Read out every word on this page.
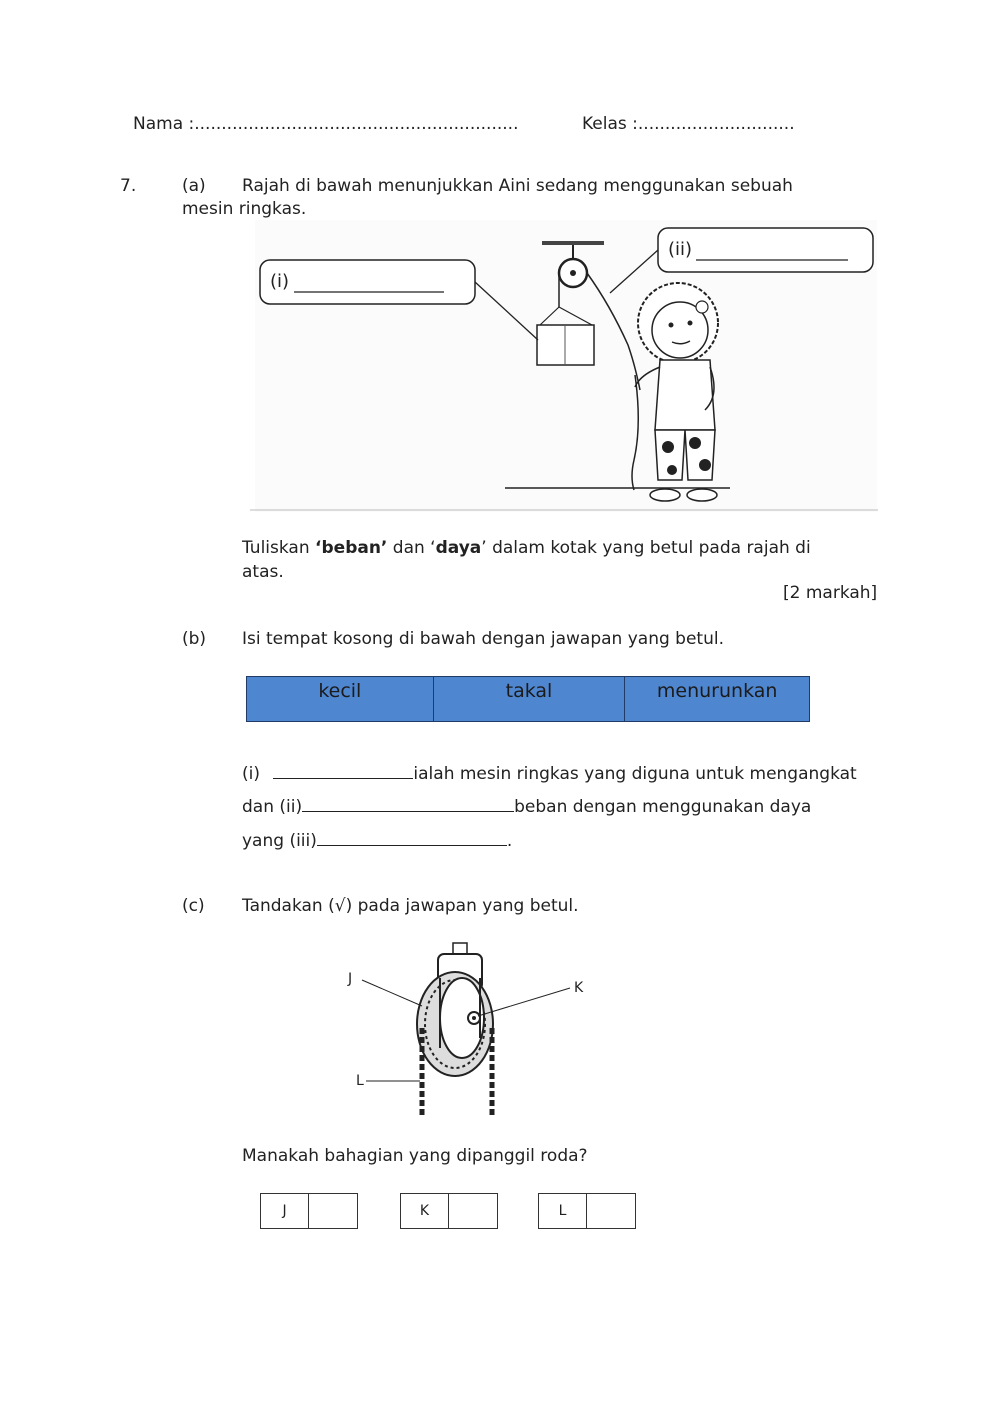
Nama :............................................................	Kelas :.............................
7.	(a) Rajah di bawah menunjukkan Aini sedang menggunakan sebuah
mesin ringkas.
(i)
(ii)
Tuliskan ‘beban’ dan ‘daya’ dalam kotak yang betul pada rajah di
atas.
[2 markah]
(b) Isi tempat kosong di bawah dengan jawapan yang betul.
kecil	takal	menurunkan
(i)	ialah mesin ringkas yang diguna untuk mengangkat
dan (ii)	beban dengan menggunakan daya
yang (iii)	.
(c) Tandakan (√) pada jawapan yang betul.
J
K
L
Manakah bahagian yang dipanggil roda?
J	K	L
